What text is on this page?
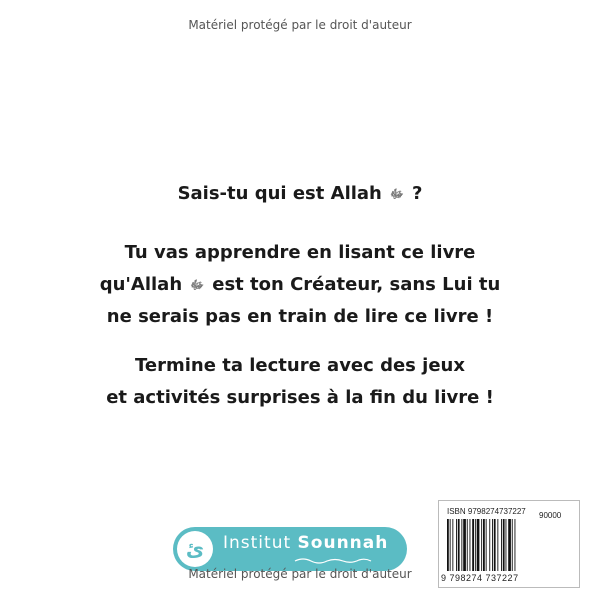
Matériel protégé par le droit d'auteur
Sais-tu qui est Allah ﷻ ?
Tu vas apprendre en lisant ce livre
qu'Allah ﷻ est ton Créateur, sans Lui tu
ne serais pas en train de lire ce livre !
Termine ta lecture avec des jeux
et activités surprises à la fin du livre !
ئ	Institut Sounnah
Matériel protégé par le droit d'auteur
ISBN 9798274737227 90000
9 798274 737227
